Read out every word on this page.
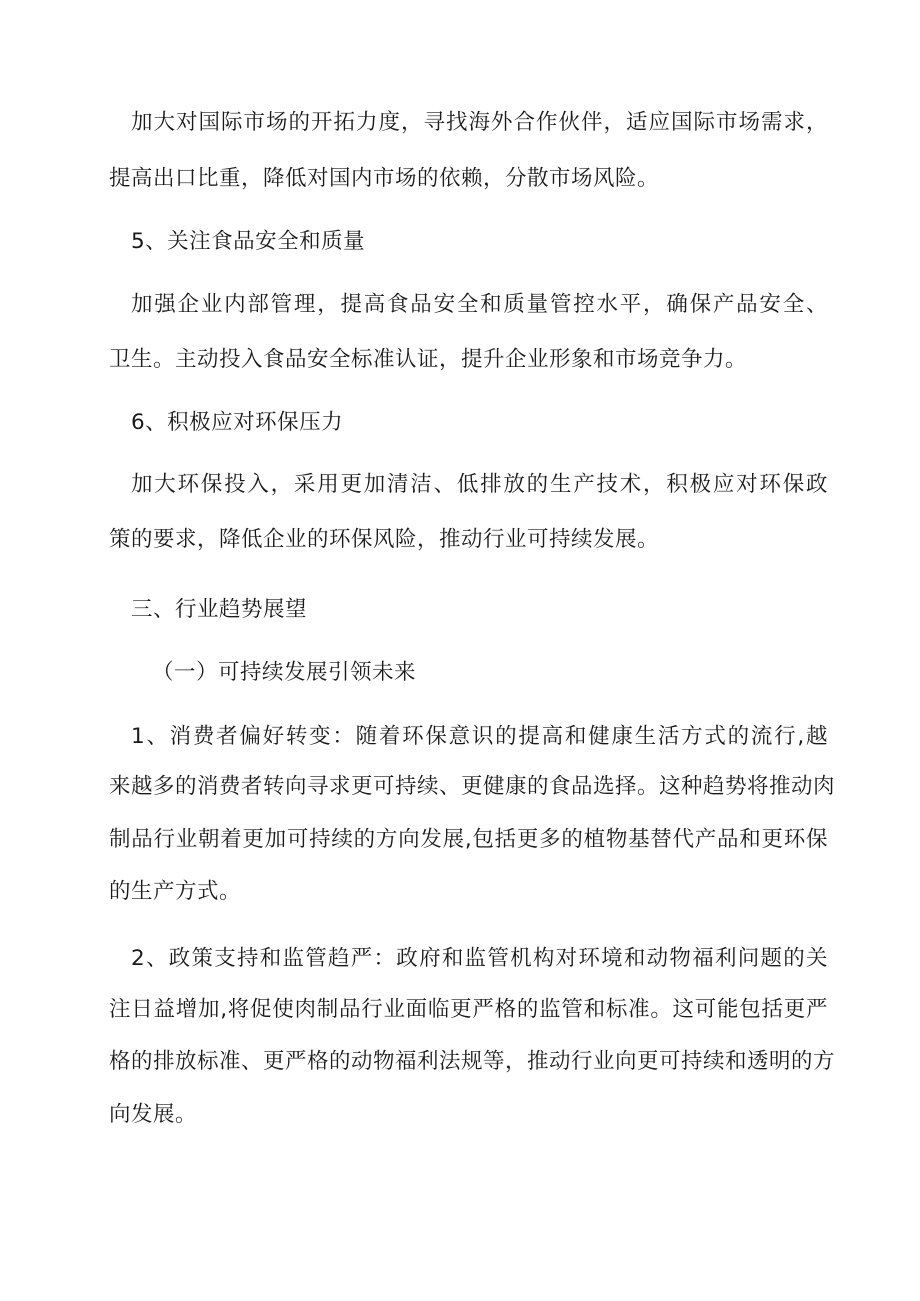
加大对国际市场的开拓力度，寻找海外合作伙伴，适应国际市场需求，
提高出口比重，降低对国内市场的依赖，分散市场风险。
5、关注食品安全和质量
加强企业内部管理，提高食品安全和质量管控水平，确保产品安全、
卫生。主动投入食品安全标准认证，提升企业形象和市场竞争力。
6、积极应对环保压力
加大环保投入，采用更加清洁、低排放的生产技术，积极应对环保政
策的要求，降低企业的环保风险，推动行业可持续发展。
三、行业趋势展望
（一）可持续发展引领未来
1、消费者偏好转变：随着环保意识的提高和健康生活方式的流行,越
来越多的消费者转向寻求更可持续、更健康的食品选择。这种趋势将推动肉
制品行业朝着更加可持续的方向发展,包括更多的植物基替代产品和更环保
的生产方式。
2、政策支持和监管趋严：政府和监管机构对环境和动物福利问题的关
注日益增加,将促使肉制品行业面临更严格的监管和标准。这可能包括更严
格的排放标准、更严格的动物福利法规等，推动行业向更可持续和透明的方
向发展。
